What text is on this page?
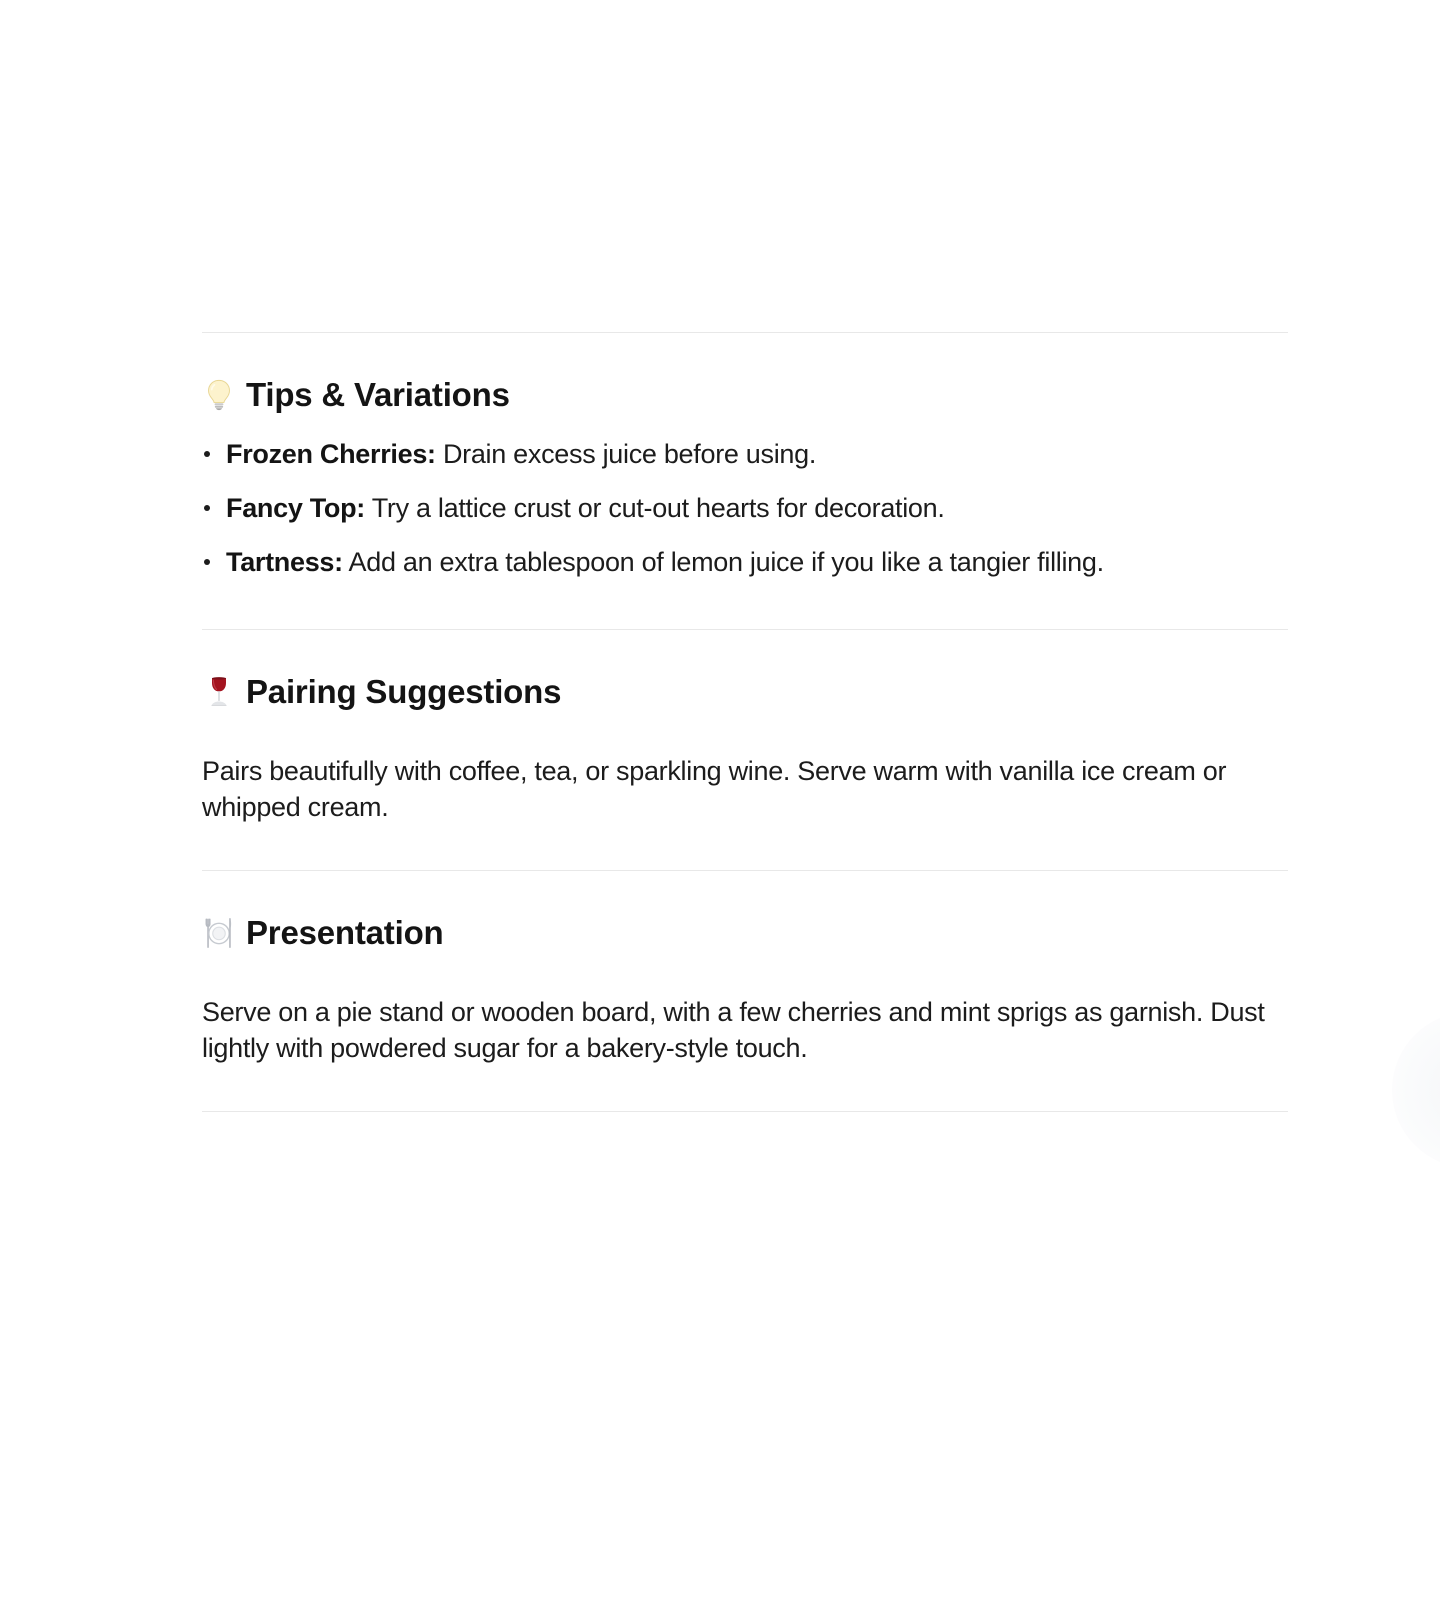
Tips & Variations
Frozen Cherries: Drain excess juice before using.
Fancy Top: Try a lattice crust or cut-out hearts for decoration.
Tartness: Add an extra tablespoon of lemon juice if you like a tangier filling.
Pairing Suggestions

Pairs beautifully with coffee, tea, or sparkling wine. Serve warm with vanilla ice cream or whipped cream.

Presentation

Serve on a pie stand or wooden board, with a few cherries and mint sprigs as garnish. Dust lightly with powdered sugar for a bakery-style touch.
